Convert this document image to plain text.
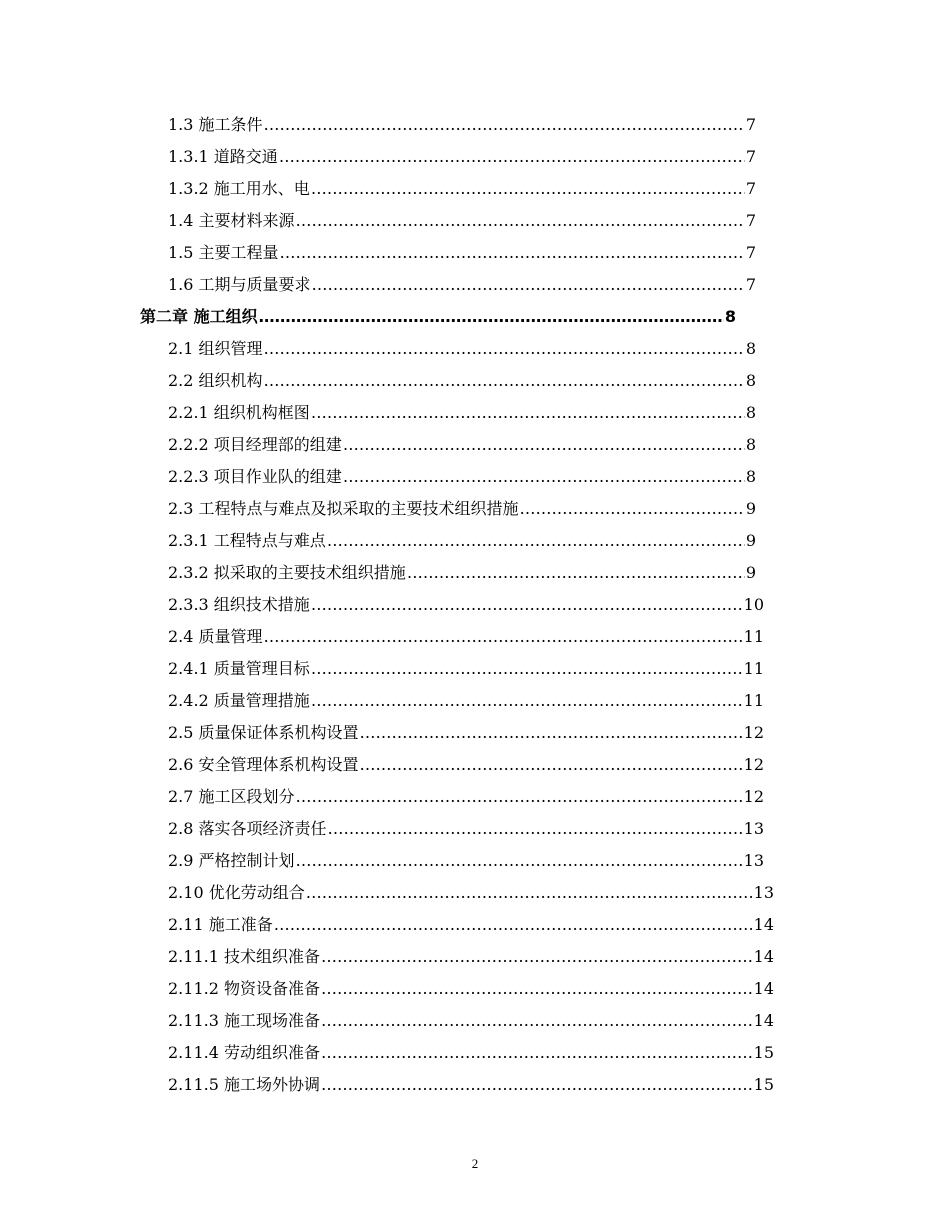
1.3 施工条件 ……………………………………………………………………………………………………………………………………………………………………………………	7
1.3.1 道路交通 ……………………………………………………………………………………………………………………………………………………………………………………	7
1.3.2 施工用水、电 ……………………………………………………………………………………………………………………………………………………………………………………	7
1.4 主要材料来源 ……………………………………………………………………………………………………………………………………………………………………………………	7
1.5 主要工程量 ……………………………………………………………………………………………………………………………………………………………………………………	7
1.6 工期与质量要求 ……………………………………………………………………………………………………………………………………………………………………………………	7
第二章 施工组织 ……………………………………………………………………………………………………………………………………………………………………………………	8
2.1 组织管理 ……………………………………………………………………………………………………………………………………………………………………………………	8
2.2 组织机构 ……………………………………………………………………………………………………………………………………………………………………………………	8
2.2.1 组织机构框图 ……………………………………………………………………………………………………………………………………………………………………………………	8
2.2.2 项目经理部的组建 ……………………………………………………………………………………………………………………………………………………………………………………	8
2.2.3 项目作业队的组建 ……………………………………………………………………………………………………………………………………………………………………………………	8
2.3 工程特点与难点及拟采取的主要技术组织措施 ……………………………………………………………………………………………………………………………………………………………………………………	9
2.3.1 工程特点与难点 ……………………………………………………………………………………………………………………………………………………………………………………	9
2.3.2 拟采取的主要技术组织措施 ……………………………………………………………………………………………………………………………………………………………………………………	9
2.3.3 组织技术措施 ……………………………………………………………………………………………………………………………………………………………………………………	10
2.4 质量管理 ……………………………………………………………………………………………………………………………………………………………………………………	11
2.4.1 质量管理目标 ……………………………………………………………………………………………………………………………………………………………………………………	11
2.4.2 质量管理措施 ……………………………………………………………………………………………………………………………………………………………………………………	11
2.5 质量保证体系机构设置 ……………………………………………………………………………………………………………………………………………………………………………………	12
2.6 安全管理体系机构设置 ……………………………………………………………………………………………………………………………………………………………………………………	12
2.7 施工区段划分 ……………………………………………………………………………………………………………………………………………………………………………………	12
2.8 落实各项经济责任 ……………………………………………………………………………………………………………………………………………………………………………………	13
2.9 严格控制计划 ……………………………………………………………………………………………………………………………………………………………………………………	13
2.10 优化劳动组合 ……………………………………………………………………………………………………………………………………………………………………………………	13
2.11 施工准备 ……………………………………………………………………………………………………………………………………………………………………………………	14
2.11.1 技术组织准备 ……………………………………………………………………………………………………………………………………………………………………………………	14
2.11.2 物资设备准备 ……………………………………………………………………………………………………………………………………………………………………………………	14
2.11.3 施工现场准备 ……………………………………………………………………………………………………………………………………………………………………………………	14
2.11.4 劳动组织准备 ……………………………………………………………………………………………………………………………………………………………………………………	15
2.11.5 施工场外协调 ……………………………………………………………………………………………………………………………………………………………………………………	15
2
